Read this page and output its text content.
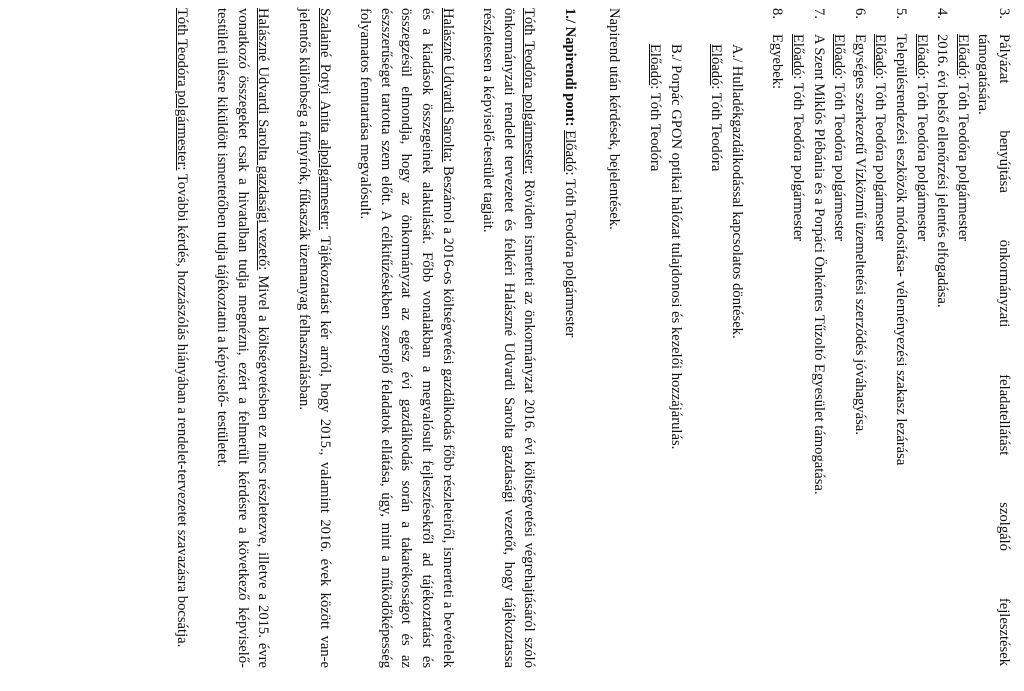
3.
Pályázat benyújtása önkormányzati feladatellátást szolgáló fejlesztések
támogatására.
Előadó: Tóth Teodóra polgármester
4.
2016. évi belső ellenőrzési jelentés elfogadása.
Előadó: Tóth Teodóra polgármester
5.
Településrendezési eszközök módosítása- véleményezési szakasz lezárása
Előadó: Tóth Teodóra polgármester
6.
Egységes szerkezetű Vízközmű üzemeltetési szerződés jóváhagyása.
Előadó: Tóth Teodóra polgármester
7.
A Szent Miklós Plébánia és a Porpáci Önkéntes Tűzoltó Egyesület támogatása.
Előadó: Tóth Teodóra polgármester
8.
Egyebek:
A./ Hulladékgazdálkodással kapcsolatos döntések.
Előadó: Tóth Teodóra
B./ Porpác GPON optikai hálózat tulajdonosi és kezelői hozzájárulás.
Előadó: Tóth Teodóra

Napirend után kérdések, bejelentések.

1./ Napirendi pont: Előadó: Tóth Teodóra polgármester

Tóth Teodóra polgármester: Röviden ismerteti az önkormányzat 2016. évi költségvetési végrehajtásáról szóló önkormányzati rendelet tervezetet és felkéri Halászné Udvardi Sarolta gazdasági vezetőt, hogy tájékoztassa részletesen a képviselő-testület tagjait.

Halászné Udvardi Sarolta: Beszámol a 2016-os költségvetési gazdálkodás főbb részleteiről, ismerteti a bevételek és a kiadások összegeinek alakulását. Főbb vonalakban a megvalósult fejlesztésekről ad tájékoztatást és összegzésül elmondja, hogy az önkormányzat az egész évi gazdálkodás során a takarékosságot és az észszerűséget tartotta szem előtt. A célkitűzésekben szereplő feladatok ellátása, úgy, mint a működőképesség folyamatos fenntartása megvalósult.

Szalainé Potyi Anita alpolgármester: Tájékoztatást kér arról, hogy 2015., valamint 2016. évek között van-e jelentős különbség a fűnyírók, fűkaszák üzemanyag felhasználásban.

Halászné Udvardi Sarolta gazdasági vezető: Mivel a költségvetésben ez nincs részletezve, illetve a 2015. évre vonatkozó összegeket csak a hivatalban tudja megnézni, ezért a felmerült kérdésre a következő képviselő-testületi ülésre kiküldött ismertetőben tudja tájékoztatni a képviselő- testületet.

Tóth Teodóra polgármester: További kérdés, hozzászólás hiányában a rendelet-tervezetet szavazásra bocsátja.
